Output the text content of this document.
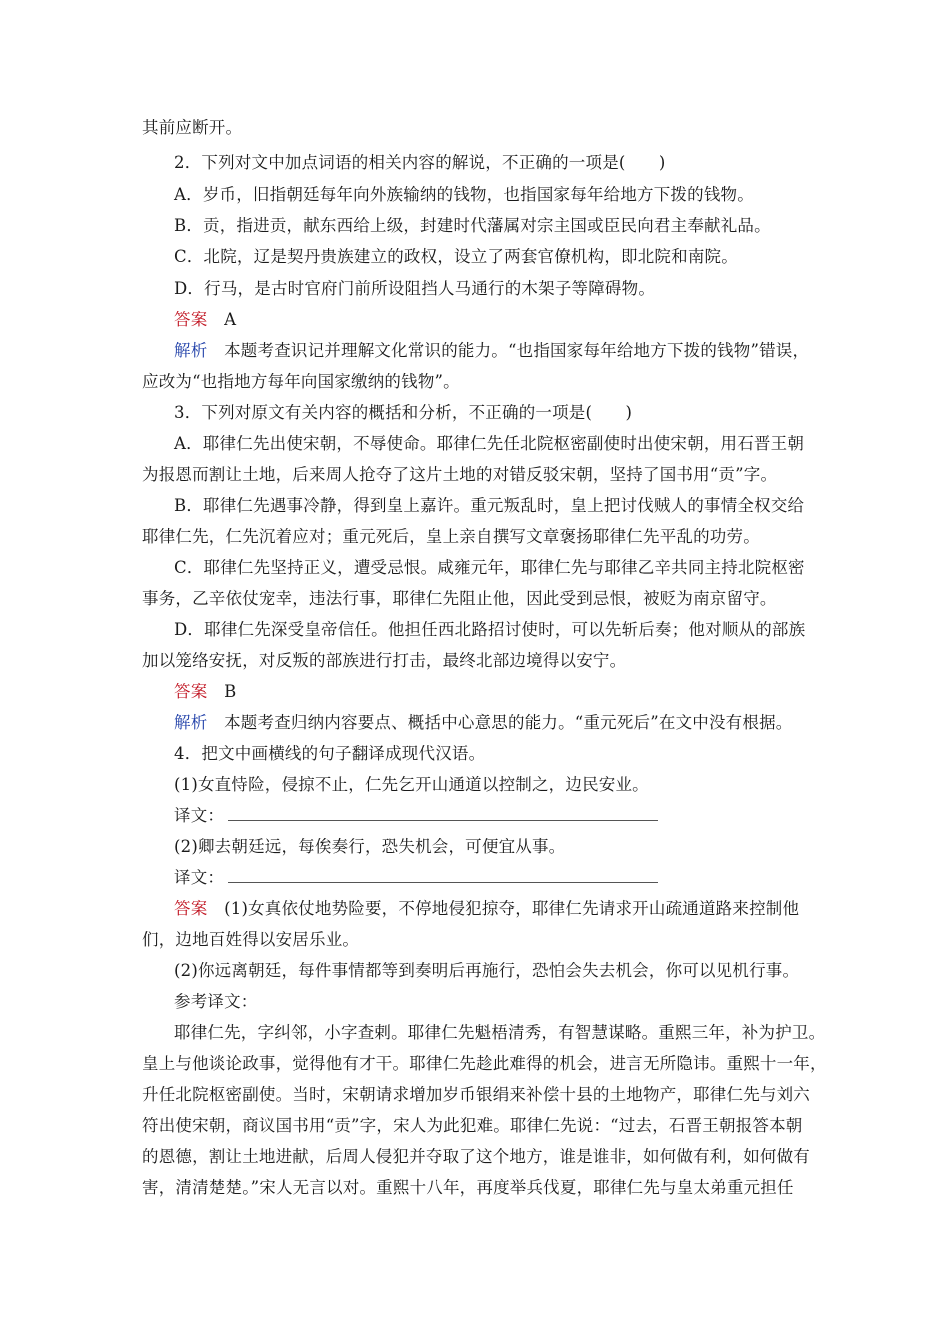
其前应断开。
2．下列对文中加点词语的相关内容的解说，不正确的一项是(　　)
A．岁币，旧指朝廷每年向外族输纳的钱物，也指国家每年给地方下拨的钱物。
B．贡，指进贡，献东西给上级，封建时代藩属对宗主国或臣民向君主奉献礼品。
C．北院，辽是契丹贵族建立的政权，设立了两套官僚机构，即北院和南院。
D．行马，是古时官府门前所设阻挡人马通行的木架子等障碍物。
答案　A
解析　本题考查识记并理解文化常识的能力。“也指国家每年给地方下拨的钱物”错误，
应改为“也指地方每年向国家缴纳的钱物”。
3．下列对原文有关内容的概括和分析，不正确的一项是(　　)
A．耶律仁先出使宋朝，不辱使命。耶律仁先任北院枢密副使时出使宋朝，用石晋王朝
为报恩而割让土地，后来周人抢夺了这片土地的对错反驳宋朝，坚持了国书用“贡”字。
B．耶律仁先遇事冷静，得到皇上嘉许。重元叛乱时，皇上把讨伐贼人的事情全权交给
耶律仁先，仁先沉着应对；重元死后，皇上亲自撰写文章褒扬耶律仁先平乱的功劳。
C．耶律仁先坚持正义，遭受忌恨。咸雍元年，耶律仁先与耶律乙辛共同主持北院枢密
事务，乙辛依仗宠幸，违法行事，耶律仁先阻止他，因此受到忌恨，被贬为南京留守。
D．耶律仁先深受皇帝信任。他担任西北路招讨使时，可以先斩后奏；他对顺从的部族
加以笼络安抚，对反叛的部族进行打击，最终北部边境得以安宁。
答案　B
解析　本题考查归纳内容要点、概括中心意思的能力。“重元死后”在文中没有根据。
4．把文中画横线的句子翻译成现代汉语。
(1)女直恃险，侵掠不止，仁先乞开山通道以控制之，边民安业。
译文：
(2)卿去朝廷远，每俟奏行，恐失机会，可便宜从事。
译文：
答案　(1)女真依仗地势险要，不停地侵犯掠夺，耶律仁先请求开山疏通道路来控制他
们，边地百姓得以安居乐业。
(2)你远离朝廷，每件事情都等到奏明后再施行，恐怕会失去机会，你可以见机行事。
参考译文：
耶律仁先，字纠邻，小字查剌。耶律仁先魁梧清秀，有智慧谋略。重熙三年，补为护卫。
皇上与他谈论政事，觉得他有才干。耶律仁先趁此难得的机会，进言无所隐讳。重熙十一年，
升任北院枢密副使。当时，宋朝请求增加岁币银绢来补偿十县的土地物产，耶律仁先与刘六
符出使宋朝，商议国书用“贡”字，宋人为此犯难。耶律仁先说：“过去，石晋王朝报答本朝
的恩德，割让土地进献，后周人侵犯并夺取了这个地方，谁是谁非，如何做有利，如何做有
害，清清楚楚。”宋人无言以对。重熙十八年，再度举兵伐夏，耶律仁先与皇太弟重元担任
